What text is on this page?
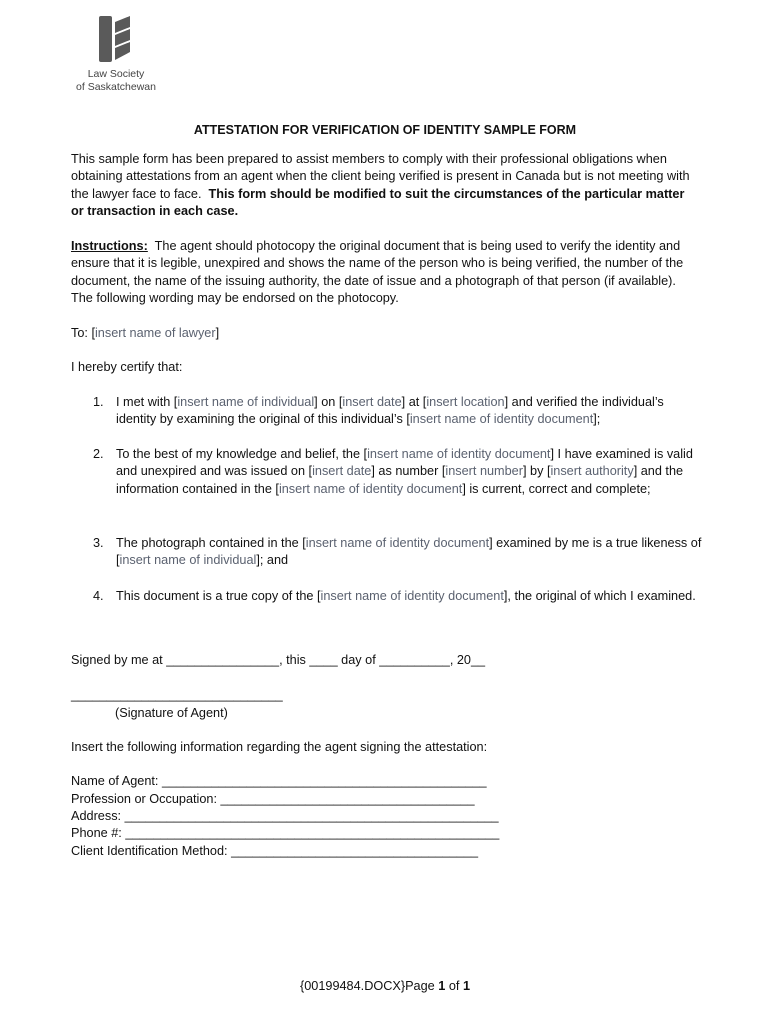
Law Society
of Saskatchewan
ATTESTATION FOR VERIFICATION OF IDENTITY SAMPLE FORM
This sample form has been prepared to assist members to comply with their professional obligations when obtaining attestations from an agent when the client being verified is present in Canada but is not meeting with the lawyer face to face. This form should be modified to suit the circumstances of the particular matter or transaction in each case.
Instructions: The agent should photocopy the original document that is being used to verify the identity and ensure that it is legible, unexpired and shows the name of the person who is being verified, the number of the document, the name of the issuing authority, the date of issue and a photograph of that person (if available). The following wording may be endorsed on the photocopy.
To: [insert name of lawyer]
I hereby certify that:
1. I met with [insert name of individual] on [insert date] at [insert location] and verified the individual’s identity by examining the original of this individual’s [insert name of identity document];
2. To the best of my knowledge and belief, the [insert name of identity document] I have examined is valid and unexpired and was issued on [insert date] as number [insert number] by [insert authority] and the information contained in the [insert name of identity document] is current, correct and complete;
3. The photograph contained in the [insert name of identity document] examined by me is a true likeness of [insert name of individual]; and
4. This document is a true copy of the [insert name of identity document], the original of which I examined.
Signed by me at ________________, this ____ day of __________, 20__
______________________________
(Signature of Agent)
Insert the following information regarding the agent signing the attestation:
Name of Agent: ______________________________________________
Profession or Occupation: ____________________________________
Address: _____________________________________________________
Phone #: _____________________________________________________
Client Identification Method: ___________________________________
{00199484.DOCX}Page 1 of 1
